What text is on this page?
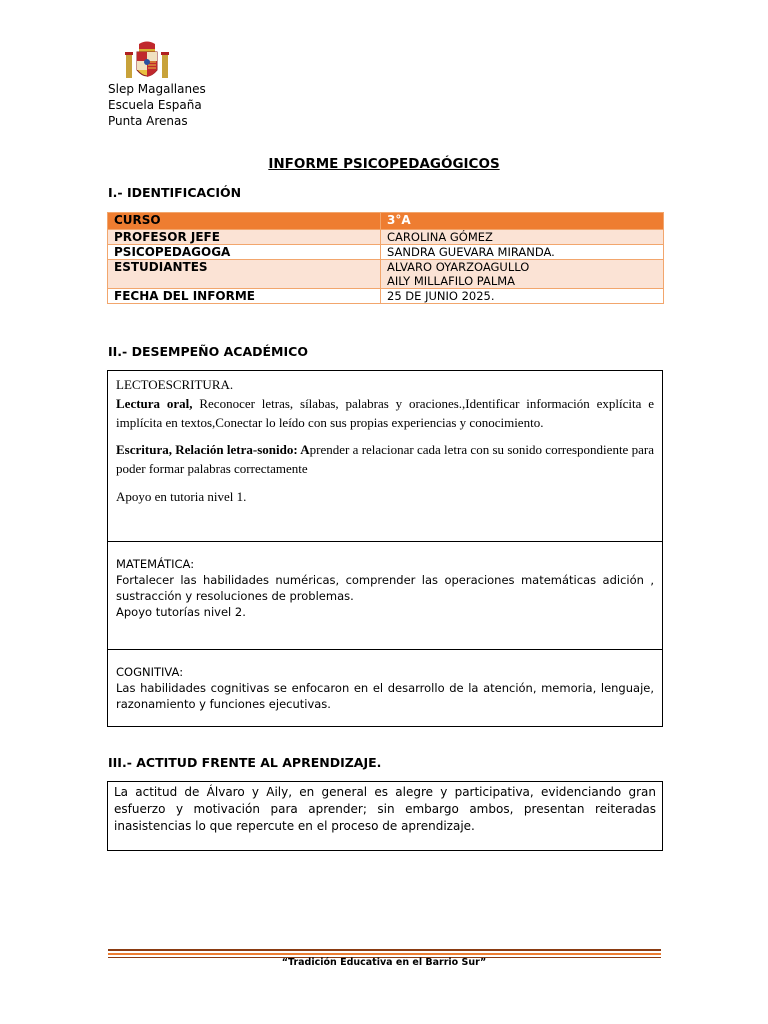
Slep Magallanes
Escuela España
Punta Arenas
INFORME PSICOPEDAGÓGICOS
I.- IDENTIFICACIÓN
CURSO	3°A
PROFESOR JEFE	CAROLINA GÓMEZ
PSICOPEDAGOGA	SANDRA GUEVARA MIRANDA.
ESTUDIANTES	ALVARO OYARZOAGULLO
AILY MILLAFILO PALMA

FECHA DEL INFORME	25 DE JUNIO 2025.
II.- DESEMPEÑO ACADÉMICO
LECTOESCRITURA.
Lectura oral, Reconocer letras, sílabas, palabras y oraciones.,Identificar información explícita e implícita en textos,Conectar lo leído con sus propias experiencias y conocimiento.
Escritura, Relación letra-sonido: Aprender a relacionar cada letra con su sonido correspondiente para poder formar palabras correctamente
Apoyo en tutoria nivel 1.
MATEMÁTICA:
Fortalecer las habilidades numéricas, comprender las operaciones matemáticas adición , sustracción y resoluciones de problemas.
Apoyo tutorías nivel 2.
COGNITIVA:
Las habilidades cognitivas se enfocaron en el desarrollo de la atención, memoria, lenguaje, razonamiento y funciones ejecutivas.
III.- ACTITUD FRENTE AL APRENDIZAJE.
La actitud de Álvaro y Aily, en general es alegre y participativa, evidenciando gran esfuerzo y motivación para aprender; sin embargo ambos, presentan reiteradas inasistencias lo que repercute en el proceso de aprendizaje.
“Tradición Educativa en el Barrio Sur”
